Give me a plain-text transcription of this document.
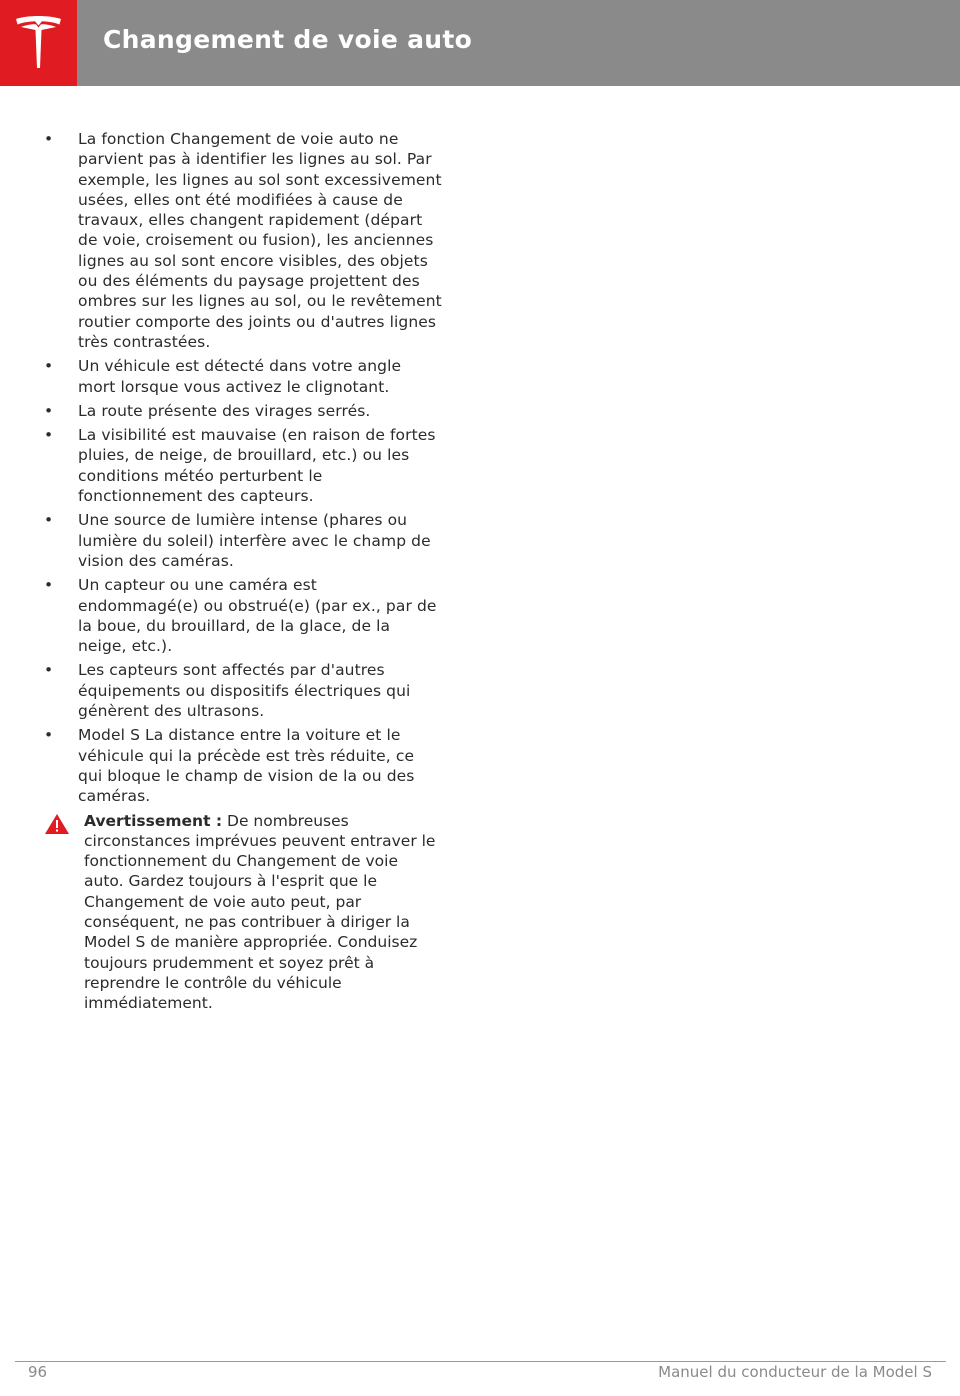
Changement de voie auto
• La fonction Changement de voie auto ne parvient pas à identifier les lignes au sol. Par exemple, les lignes au sol sont excessivement usées, elles ont été modifiées à cause de travaux, elles changent rapidement (départ de voie, croisement ou fusion), les anciennes lignes au sol sont encore visibles, des objets ou des éléments du paysage projettent des ombres sur les lignes au sol, ou le revêtement routier comporte des joints ou d'autres lignes très contrastées.
• Un véhicule est détecté dans votre angle mort lorsque vous activez le clignotant.
• La route présente des virages serrés.
• La visibilité est mauvaise (en raison de fortes pluies, de neige, de brouillard, etc.) ou les conditions météo perturbent le fonctionnement des capteurs.
• Une source de lumière intense (phares ou lumière du soleil) interfère avec le champ de vision des caméras.
• Un capteur ou une caméra est endommagé(e) ou obstrué(e) (par ex., par de la boue, du brouillard, de la glace, de la neige, etc.).
• Les capteurs sont affectés par d'autres équipements ou dispositifs électriques qui génèrent des ultrasons.
• Model S La distance entre la voiture et le véhicule qui la précède est très réduite, ce qui bloque le champ de vision de la ou des caméras.
Avertissement : De nombreuses circonstances imprévues peuvent entraver le fonctionnement du Changement de voie auto. Gardez toujours à l'esprit que le Changement de voie auto peut, par conséquent, ne pas contribuer à diriger la Model S de manière appropriée. Conduisez toujours prudemment et soyez prêt à reprendre le contrôle du véhicule immédiatement.
96	Manuel du conducteur de la Model S
